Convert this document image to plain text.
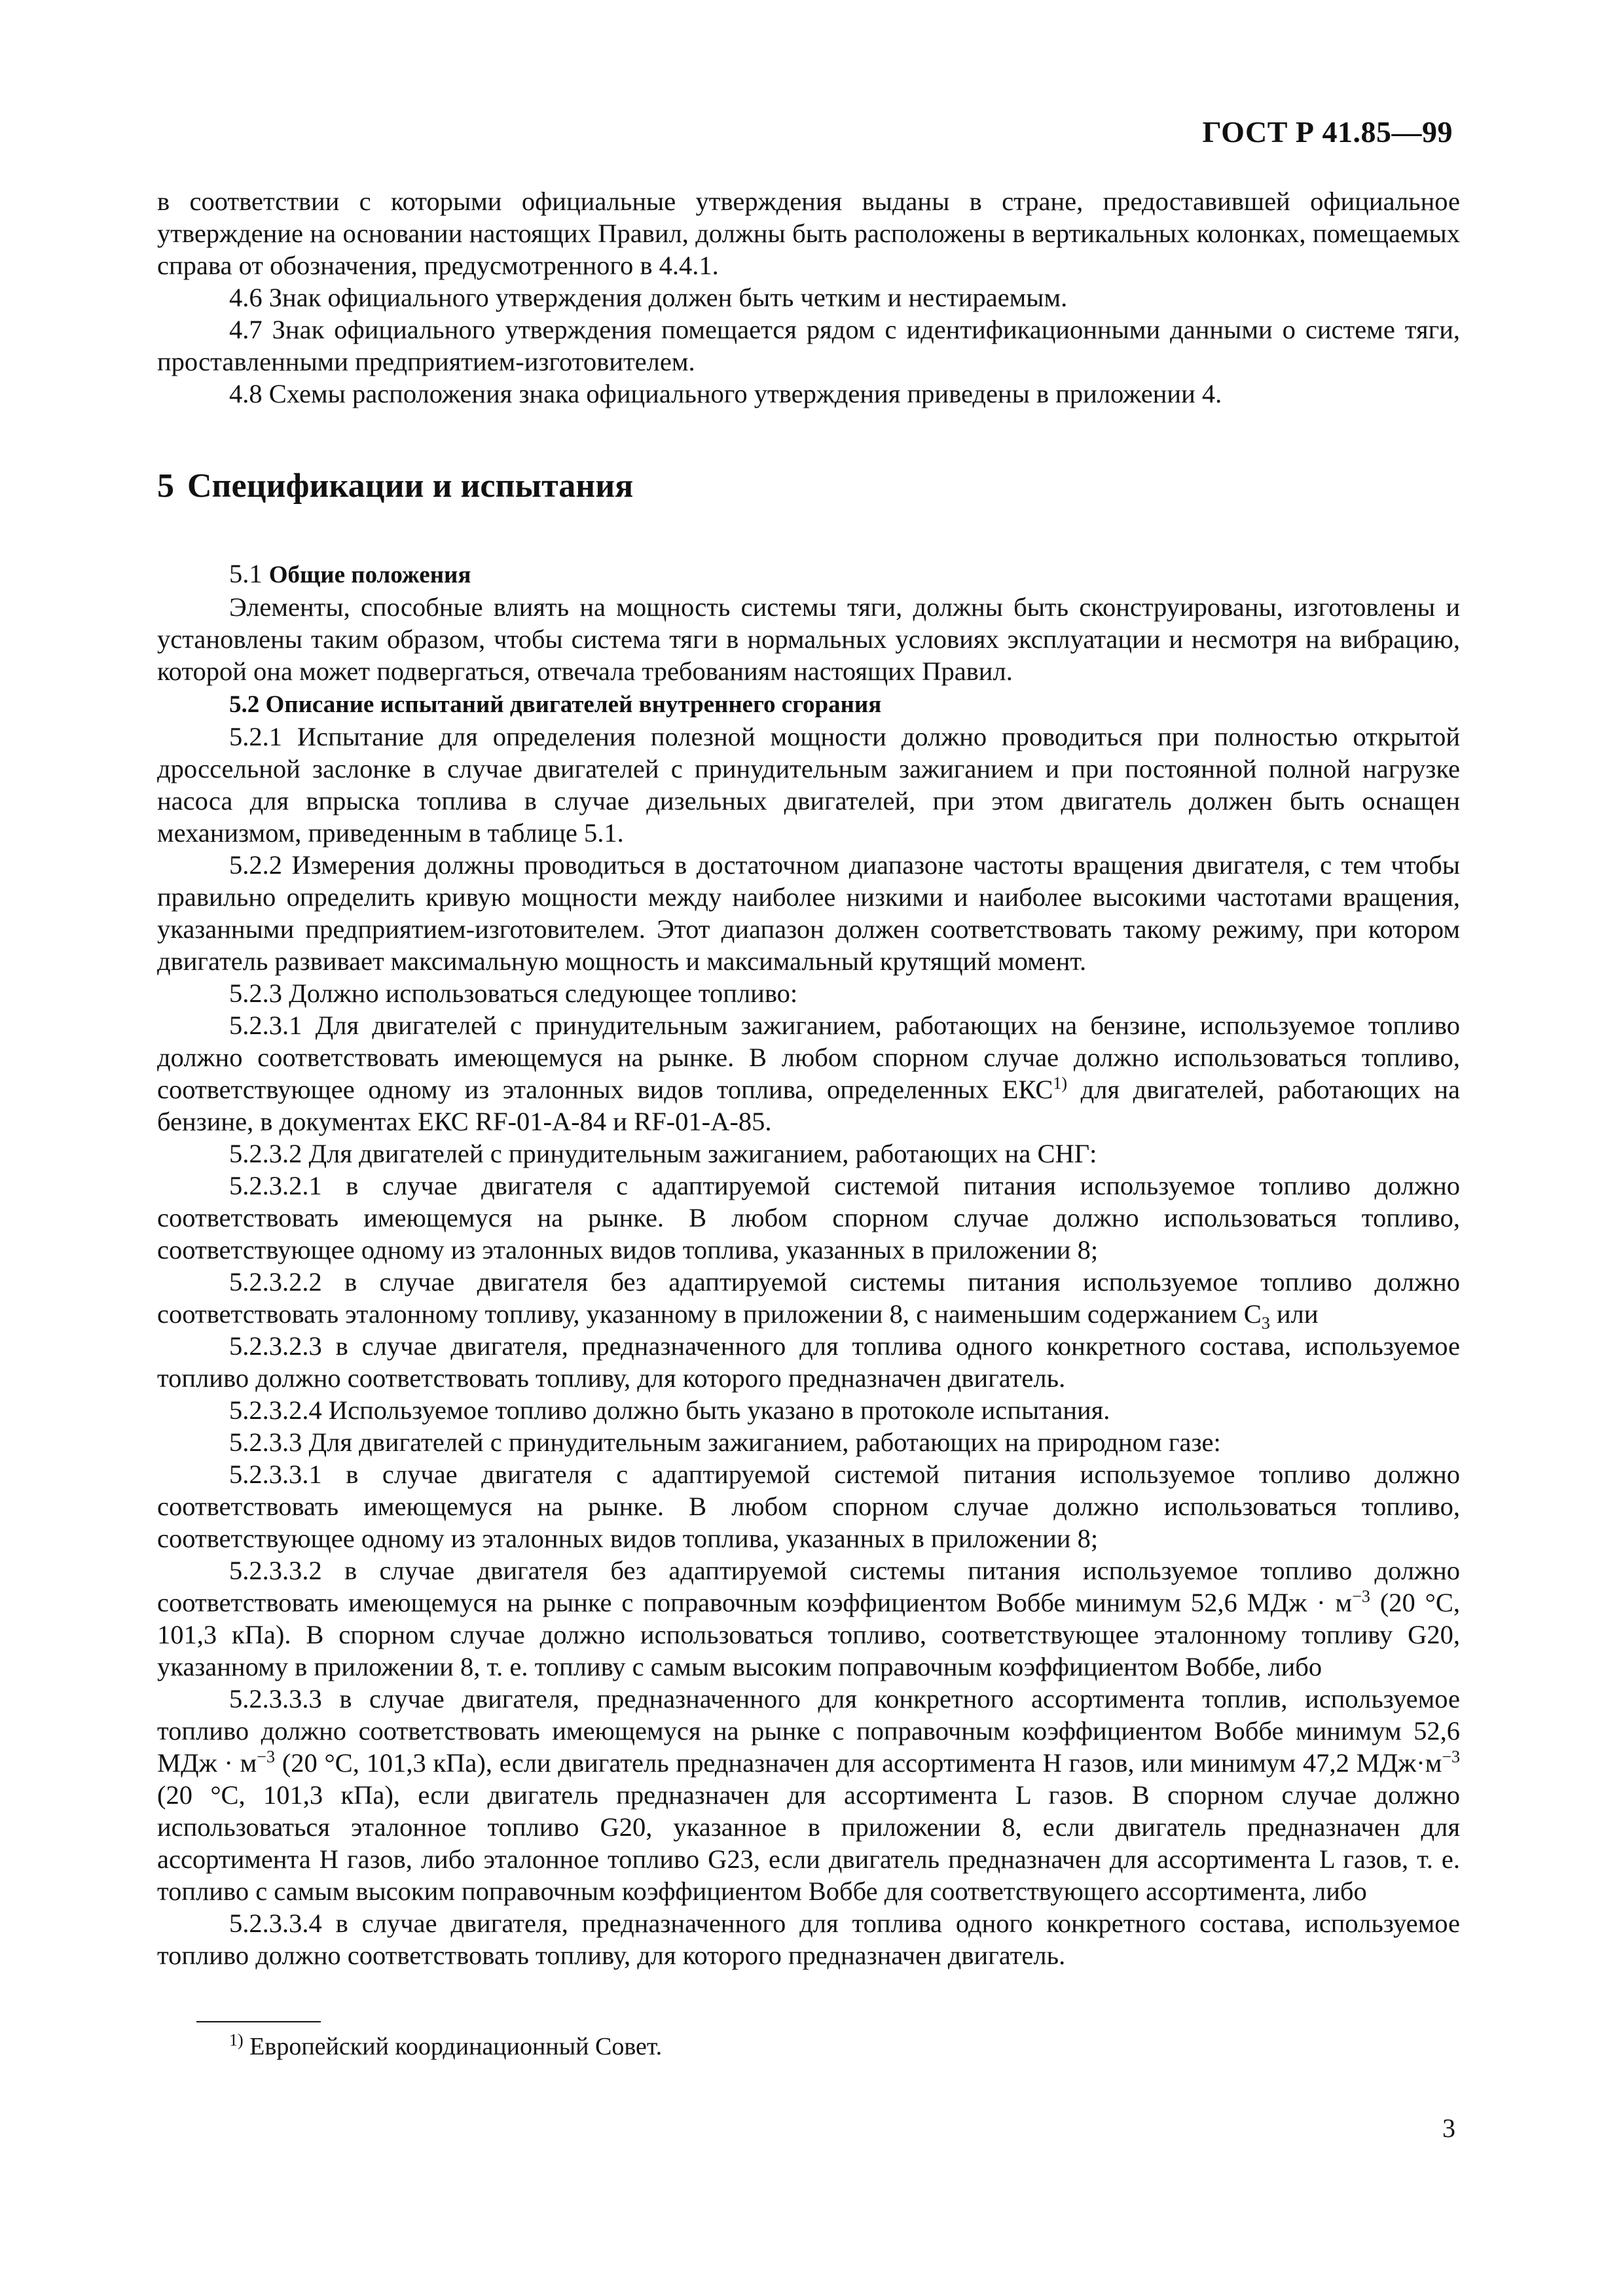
ГОСТ Р 41.85—99

в соответствии с которыми официальные утверждения выданы в стране, предоставившей официальное утверждение на основании настоящих Правил, должны быть расположены в вертикальных колонках, помещаемых справа от обозначения, предусмотренного в 4.4.1.

4.6 Знак официального утверждения должен быть четким и нестираемым.

4.7 Знак официального утверждения помещается рядом с идентификационными данными о системе тяги, проставленными предприятием-изготовителем.

4.8 Схемы расположения знака официального утверждения приведены в приложении 4.

5 Спецификации и испытания

5.1 Общие положения

Элементы, способные влиять на мощность системы тяги, должны быть сконструированы, изготовлены и установлены таким образом, чтобы система тяги в нормальных условиях эксплуатации и несмотря на вибрацию, которой она может подвергаться, отвечала требованиям настоящих Правил.

5.2 Описание испытаний двигателей внутреннего сгорания

5.2.1 Испытание для определения полезной мощности должно проводиться при полностью открытой дроссельной заслонке в случае двигателей с принудительным зажиганием и при постоянной полной нагрузке насоса для впрыска топлива в случае дизельных двигателей, при этом двигатель должен быть оснащен механизмом, приведенным в таблице 5.1.

5.2.2 Измерения должны проводиться в достаточном диапазоне частоты вращения двигателя, с тем чтобы правильно определить кривую мощности между наиболее низкими и наиболее высокими частотами вращения, указанными предприятием-изготовителем. Этот диапазон должен соответствовать такому режиму, при котором двигатель развивает максимальную мощность и максимальный крутящий момент.

5.2.3 Должно использоваться следующее топливо:

5.2.3.1 Для двигателей с принудительным зажиганием, работающих на бензине, используемое топливо должно соответствовать имеющемуся на рынке. В любом спорном случае должно использоваться топливо, соответствующее одному из эталонных видов топлива, определенных ЕКС$^{1)}$ для двигателей, работающих на бензине, в документах ЕКС RF-01-A-84 и RF-01-A-85.

5.2.3.2 Для двигателей с принудительным зажиганием, работающих на СНГ:

5.2.3.2.1 в случае двигателя с адаптируемой системой питания используемое топливо должно соответствовать имеющемуся на рынке. В любом спорном случае должно использоваться топливо, соответствующее одному из эталонных видов топлива, указанных в приложении 8;

5.2.3.2.2 в случае двигателя без адаптируемой системы питания используемое топливо должно соответствовать эталонному топливу, указанному в приложении 8, с наименьшим содержанием $С_3$ или

5.2.3.2.3 в случае двигателя, предназначенного для топлива одного конкретного состава, используемое топливо должно соответствовать топливу, для которого предназначен двигатель.

5.2.3.2.4 Используемое топливо должно быть указано в протоколе испытания.

5.2.3.3 Для двигателей с принудительным зажиганием, работающих на природном газе:

5.2.3.3.1 в случае двигателя с адаптируемой системой питания используемое топливо должно соответствовать имеющемуся на рынке. В любом спорном случае должно использоваться топливо, соответствующее одному из эталонных видов топлива, указанных в приложении 8;

5.2.3.3.2 в случае двигателя без адаптируемой системы питания используемое топливо должно соответствовать имеющемуся на рынке с поправочным коэффициентом Воббе минимум 52,6 МДж · $м^{-3}$ (20 °С, 101,3 кПа). В спорном случае должно использоваться топливо, соответствующее эталонному топливу G20, указанному в приложении 8, т. е. топливу с самым высоким поправочным коэффициентом Воббе, либо

5.2.3.3.3 в случае двигателя, предназначенного для конкретного ассортимента топлив, используемое топливо должно соответствовать имеющемуся на рынке с поправочным коэффициентом Воббе минимум 52,6 МДж · $м^{-3}$ (20 °С, 101,3 кПа), если двигатель предназначен для ассортимента Н газов, или минимум 47,2 $МДж\cdot м^{-3}$ (20 °С, 101,3 кПа), если двигатель предназначен для ассортимента L газов. В спорном случае должно использоваться эталонное топливо G20, указанное в приложении 8, если двигатель предназначен для ассортимента Н газов, либо эталонное топливо G23, если двигатель предназначен для ассортимента L газов, т. е. топливо с самым высоким поправочным коэффициентом Воббе для соответствующего ассортимента, либо

5.2.3.3.4 в случае двигателя, предназначенного для топлива одного конкретного состава, используемое топливо должно соответствовать топливу, для которого предназначен двигатель.

$^{1)}$ Европейский координационный Совет.
3
